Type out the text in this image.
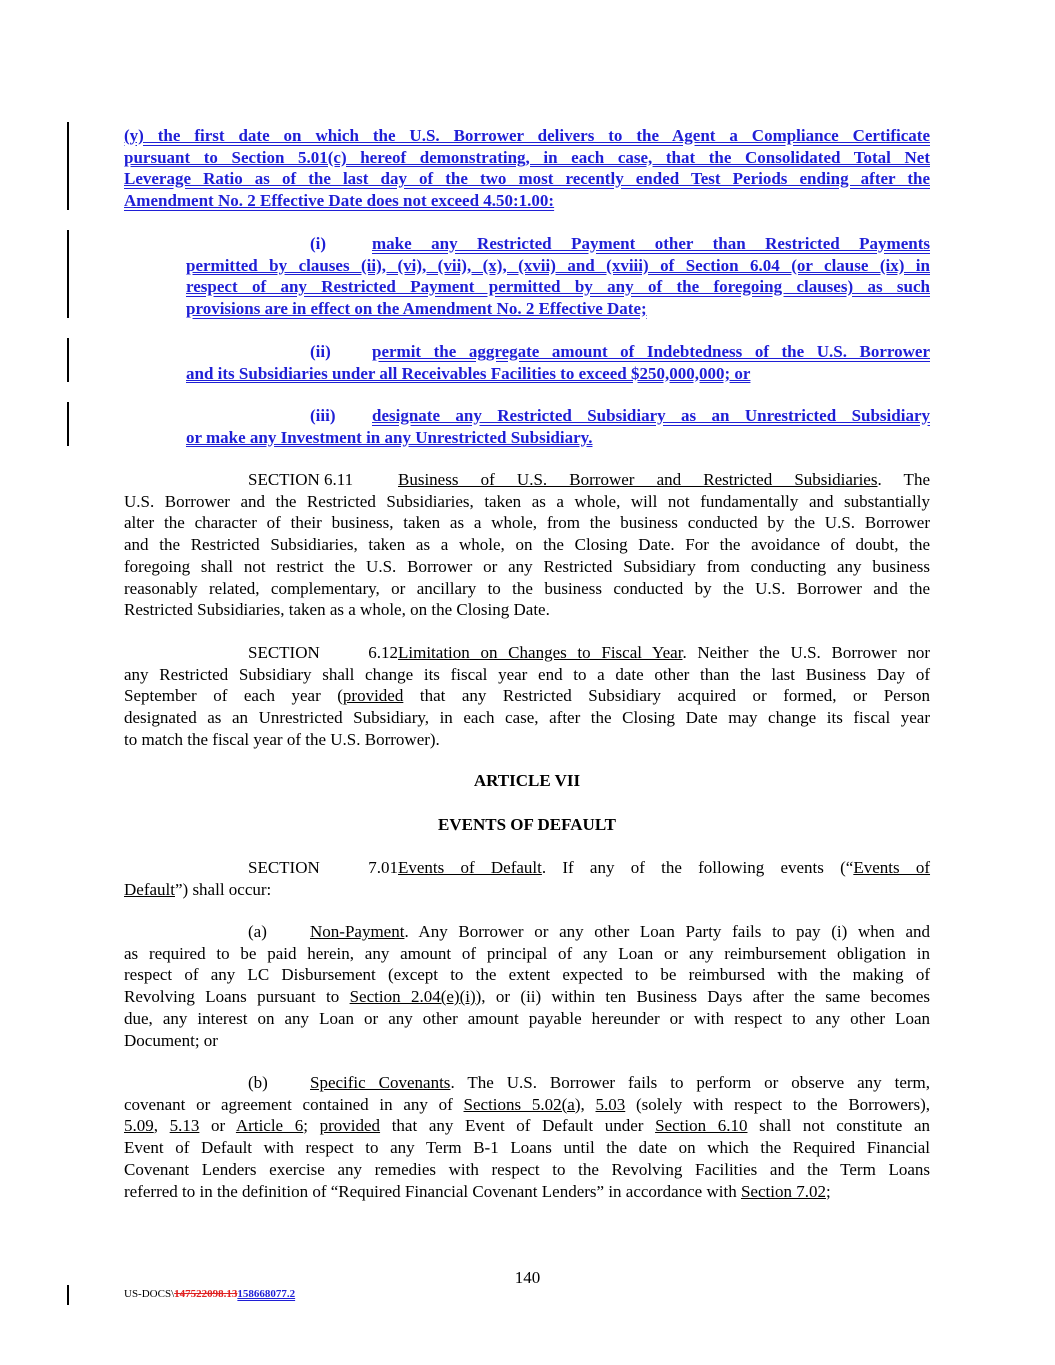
(y) the first date on which the U.S. Borrower delivers to the Agent a Compliance Certificate
pursuant to Section 5.01(c) hereof demonstrating, in each case, that the Consolidated Total Net
Leverage Ratio as of the last day of the two most recently ended Test Periods ending after the
Amendment No. 2 Effective Date does not exceed 4.50:1.00:
(i)	make any Restricted Payment other than Restricted Payments
permitted by clauses (ii), (vi), (vii), (x), (xvii) and (xviii) of Section 6.04 (or clause (ix) in
respect of any Restricted Payment permitted by any of the foregoing clauses) as such
provisions are in effect on the Amendment No. 2 Effective Date;
(ii) permit the aggregate amount of Indebtedness of the U.S. Borrower
and its Subsidiaries under all Receivables Facilities to exceed $250,000,000; or
(iii) designate any Restricted Subsidiary as an Unrestricted Subsidiary
or make any Investment in any Unrestricted Subsidiary.
SECTION 6.11	Business of U.S. Borrower and Restricted Subsidiaries. The
U.S. Borrower and the Restricted Subsidiaries, taken as a whole, will not fundamentally and substantially
alter the character of their business, taken as a whole, from the business conducted by the U.S. Borrower
and the Restricted Subsidiaries, taken as a whole, on the Closing Date. For the avoidance of doubt, the
foregoing shall not restrict the U.S. Borrower or any Restricted Subsidiary from conducting any business
reasonably related, complementary, or ancillary to the business conducted by the U.S. Borrower and the
Restricted Subsidiaries, taken as a whole, on the Closing Date.
SECTION 6.12Limitation on Changes to Fiscal Year. Neither the U.S. Borrower nor
any Restricted Subsidiary shall change its fiscal year end to a date other than the last Business Day of
September of each year (provided that any Restricted Subsidiary acquired or formed, or Person
designated as an Unrestricted Subsidiary, in each case, after the Closing Date may change its fiscal year
to match the fiscal year of the U.S. Borrower).
ARTICLE VII
EVENTS OF DEFAULT
SECTION 7.01Events of Default. If any of the following events (“Events of
Default”) shall occur:
(a)	Non-Payment. Any Borrower or any other Loan Party fails to pay (i) when and
as required to be paid herein, any amount of principal of any Loan or any reimbursement obligation in
respect of any LC Disbursement (except to the extent expected to be reimbursed with the making of
Revolving Loans pursuant to Section 2.04(e)(i)), or (ii) within ten Business Days after the same becomes
due, any interest on any Loan or any other amount payable hereunder or with respect to any other Loan
Document; or
(b) Specific Covenants. The U.S. Borrower fails to perform or observe any term,
covenant or agreement contained in any of Sections 5.02(a), 5.03 (solely with respect to the Borrowers),
5.09, 5.13 or Article 6; provided that any Event of Default under Section 6.10 shall not constitute an
Event of Default with respect to any Term B-1 Loans until the date on which the Required Financial
Covenant Lenders exercise any remedies with respect to the Revolving Facilities and the Term Loans
referred to in the definition of “Required Financial Covenant Lenders” in accordance with Section 7.02;
140
US-DOCS\147522098.13158668077.2
